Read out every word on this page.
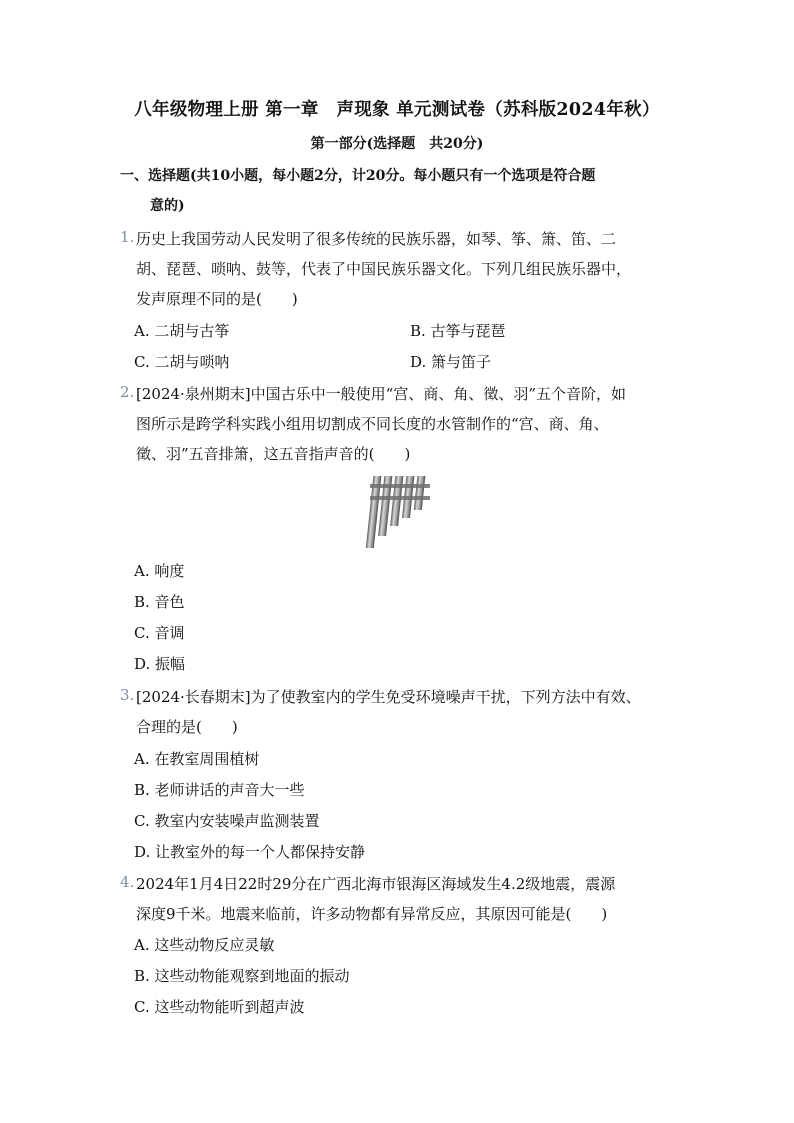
八年级物理上册 第一章　声现象 单元测试卷（苏科版2024年秋）
第一部分(选择题　共20分)
一、选择题(共10小题，每小题2分，计20分。每小题只有一个选项是符合题
意的)
1. 历史上我国劳动人民发明了很多传统的民族乐器，如琴、筝、箫、笛、二
胡、琵琶、唢呐、鼓等，代表了中国民族乐器文化。下列几组民族乐器中，
发声原理不同的是(　　)
A. 二胡与古筝	B. 古筝与琵琶
C. 二胡与唢呐	D. 箫与笛子
2. [2024·泉州期末]中国古乐中一般使用“宫、商、角、徵、羽”五个音阶，如
图所示是跨学科实践小组用切割成不同长度的水管制作的“宫、商、角、
徵、羽”五音排箫，这五音指声音的(　　)
A. 响度
B. 音色
C. 音调
D. 振幅
3. [2024·长春期末]为了使教室内的学生免受环境噪声干扰，下列方法中有效、
合理的是(　　)
A. 在教室周围植树
B. 老师讲话的声音大一些
C. 教室内安装噪声监测装置
D. 让教室外的每一个人都保持安静
4. 2024年1月4日22时29分在广西北海市银海区海域发生4.2级地震，震源
深度9千米。地震来临前，许多动物都有异常反应，其原因可能是(　　)
A. 这些动物反应灵敏
B. 这些动物能观察到地面的振动
C. 这些动物能听到超声波
